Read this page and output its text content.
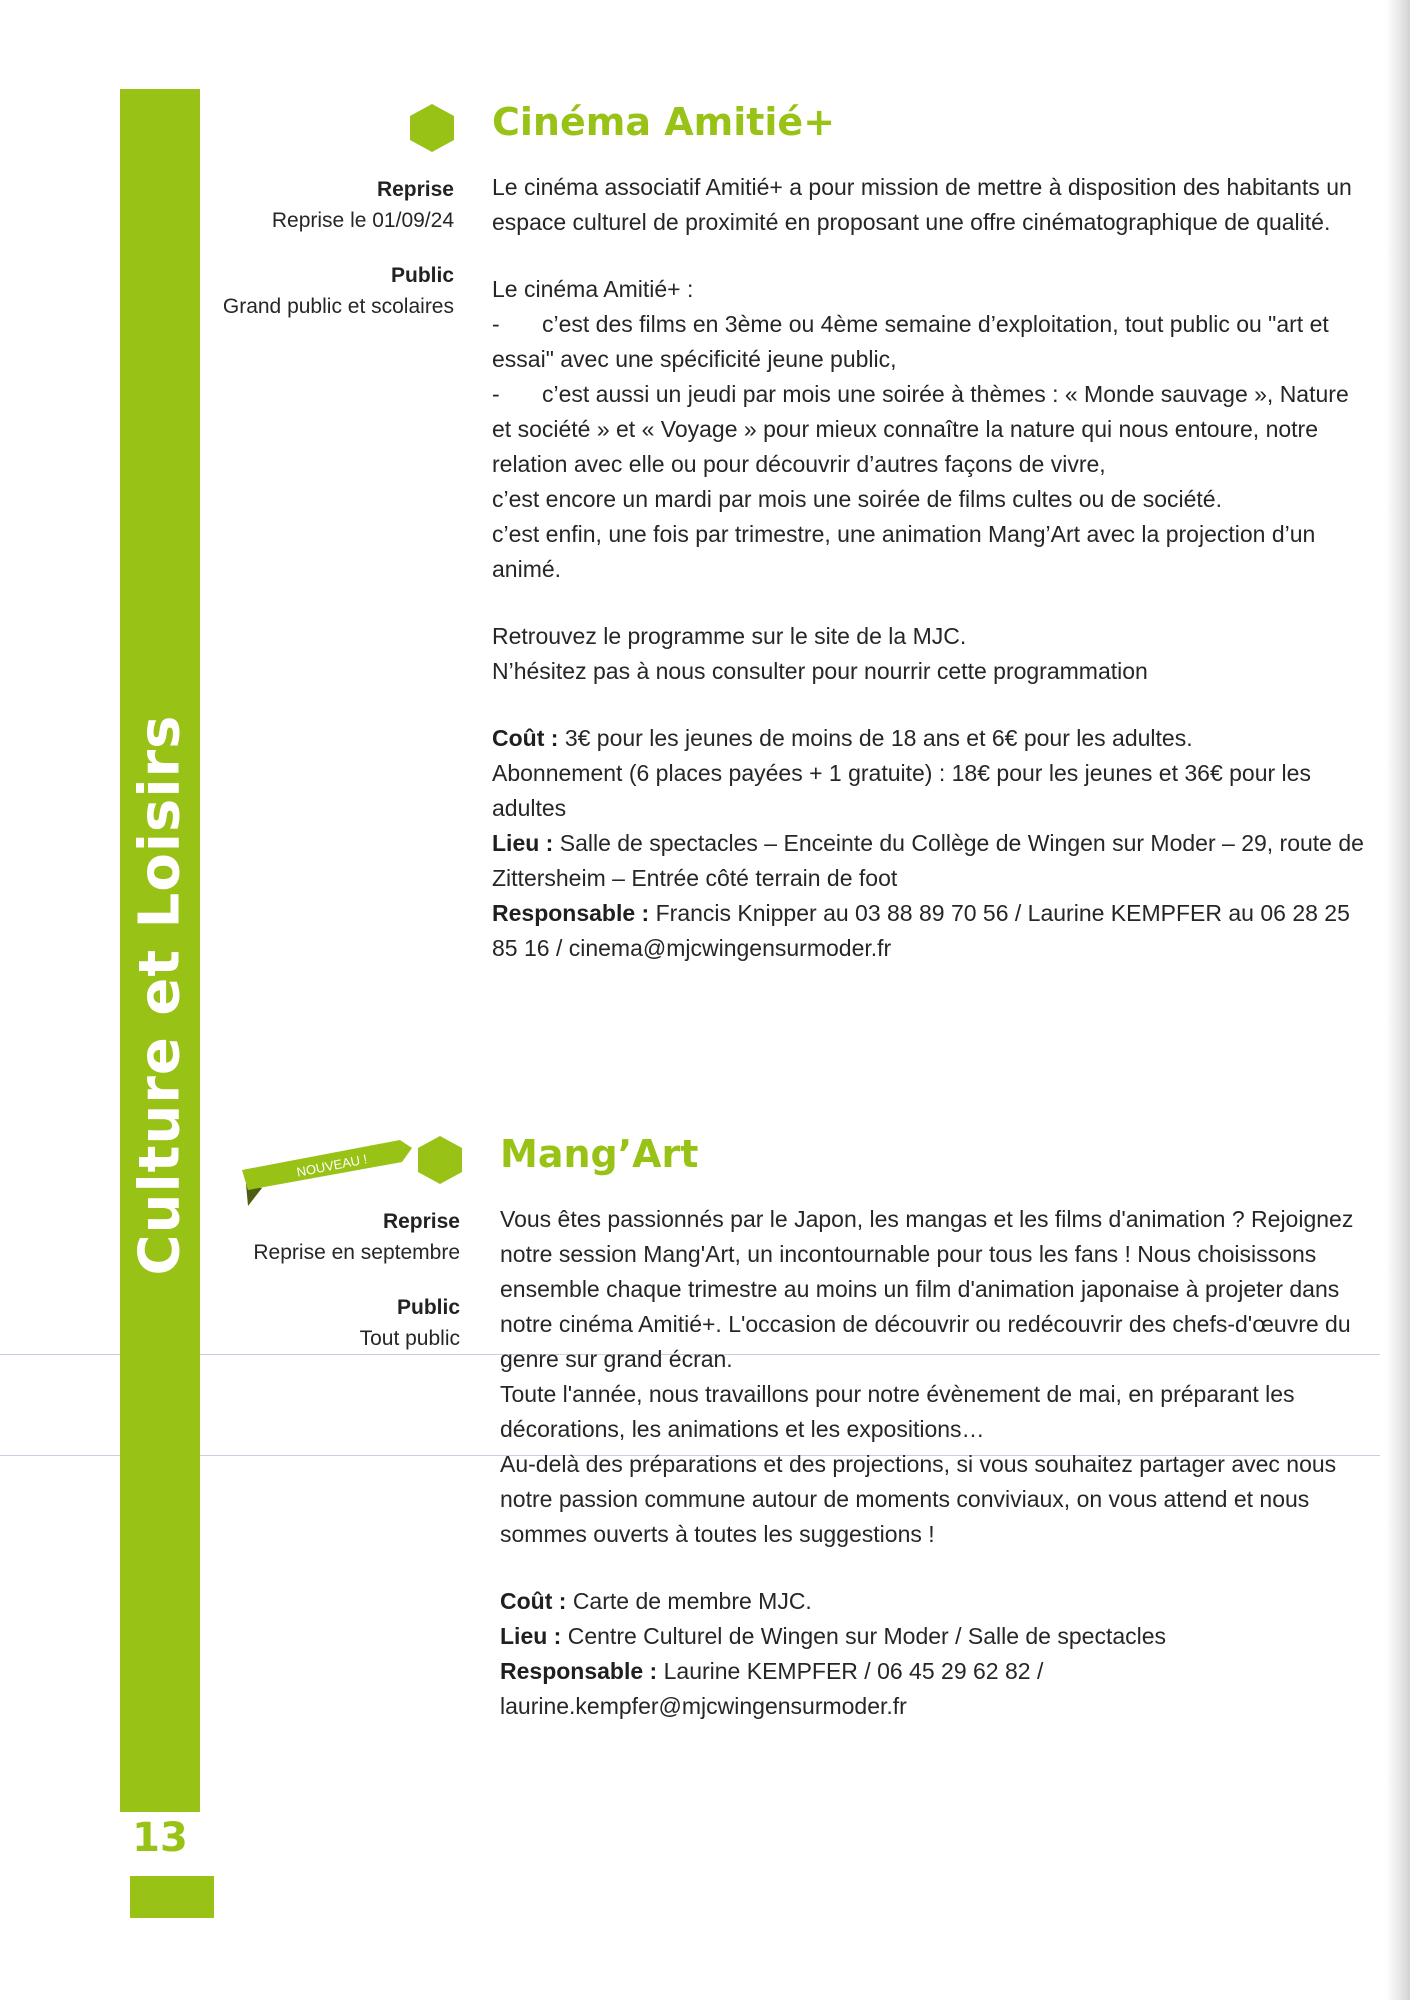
Culture et Loisirs
13
Cinéma Amitié+
Reprise
Reprise le 01/09/24
Public
Grand public et scolaires

Le cinéma associatif Amitié+ a pour mission de mettre à disposition des habitants un espace culturel de proximité en proposant une offre cinématographique de qualité.

Le cinéma Amitié+ :

- c’est des films en 3ème ou 4ème semaine d’exploitation, tout public ou "art et essai" avec une spécificité jeune public,

- c’est aussi un jeudi par mois une soirée à thèmes : « Monde sauvage », Nature et société » et « Voyage » pour mieux connaître la nature qui nous entoure, notre relation avec elle ou pour découvrir d’autres façons de vivre,

c’est encore un mardi par mois une soirée de films cultes ou de société.

c’est enfin, une fois par trimestre, une animation Mang’Art avec la projection d’un animé.

Retrouvez le programme sur le site de la MJC.

N’hésitez pas à nous consulter pour nourrir cette programmation

Coût : 3€ pour les jeunes de moins de 18 ans et 6€ pour les adultes.

Abonnement (6 places payées + 1 gratuite) : 18€ pour les jeunes et 36€ pour les adultes

Lieu : Salle de spectacles – Enceinte du Collège de Wingen sur Moder – 29, route de Zittersheim – Entrée côté terrain de foot

Responsable : Francis Knipper au 03 88 89 70 56 / Laurine KEMPFER au 06 28 25 85 16 / cinema@mjcwingensurmoder.fr

NOUVEAU !	Mang’Art
Reprise
Reprise en septembre
Public
Tout public

Vous êtes passionnés par le Japon, les mangas et les films d'animation ? Rejoignez notre session Mang'Art, un incontournable pour tous les fans ! Nous choisissons ensemble chaque trimestre au moins un film d'animation japonaise à projeter dans notre cinéma Amitié+. L'occasion de découvrir ou redécouvrir des chefs-d'œuvre du genre sur grand écran.

Toute l'année, nous travaillons pour notre évènement de mai, en préparant les décorations, les animations et les expositions…

Au-delà des préparations et des projections, si vous souhaitez partager avec nous notre passion commune autour de moments conviviaux, on vous attend et nous sommes ouverts à toutes les suggestions !

Coût : Carte de membre MJC.

Lieu : Centre Culturel de Wingen sur Moder / Salle de spectacles

Responsable : Laurine KEMPFER / 06 45 29 62 82 / laurine.kempfer@mjcwingensurmoder.fr
